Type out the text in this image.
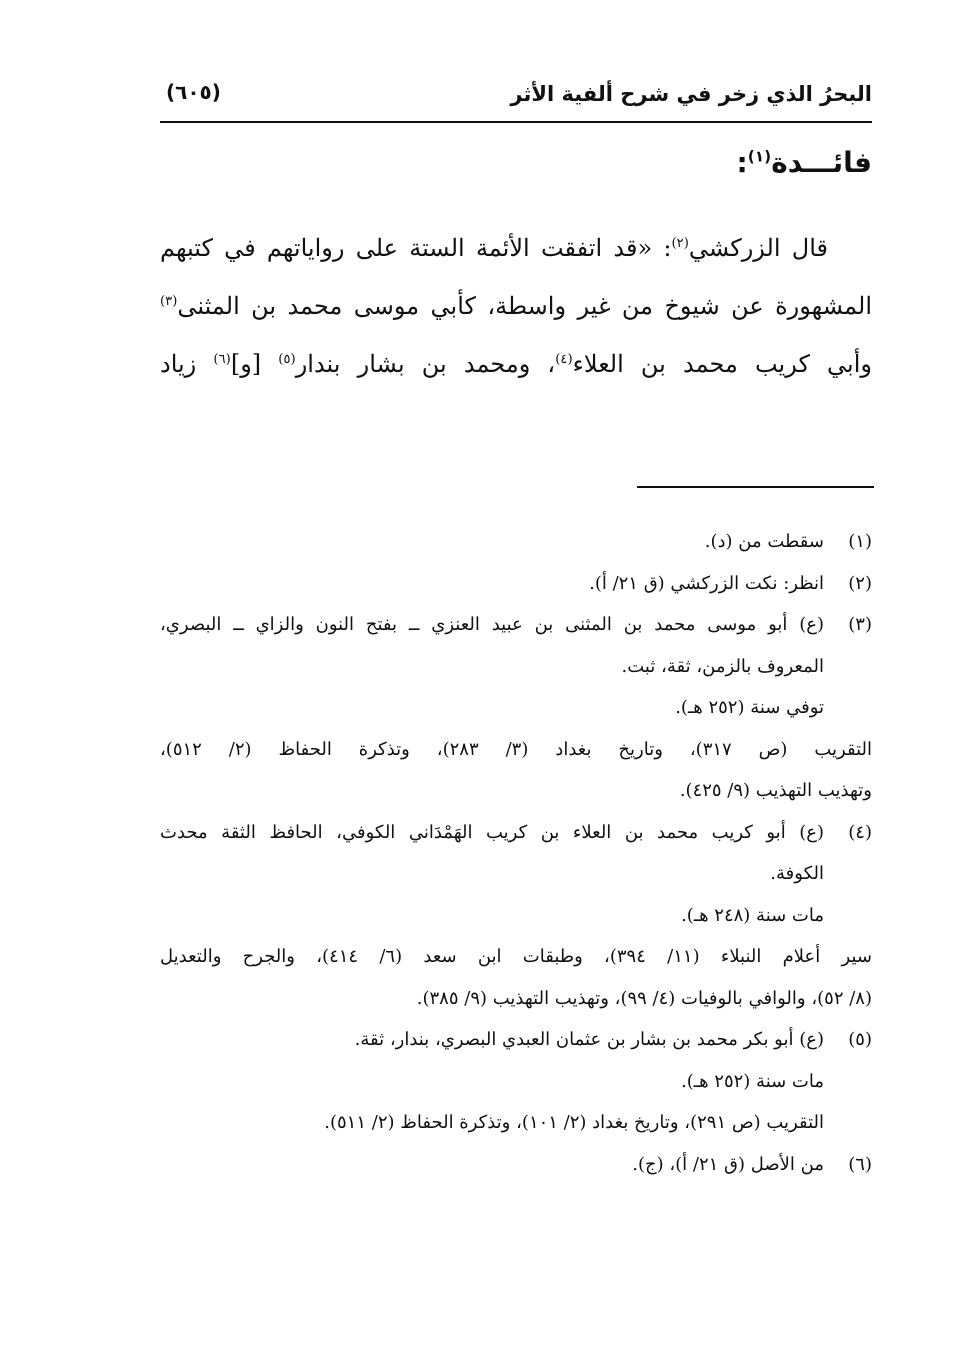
البحرُ الذي زخر في شرح ألفية الأثر
(٦٠٥)
فائـــدة$^{(١)}$:
قال الزركشي$^{(٢)}$: «قد اتفقت الأئمة الستة على رواياتهم في كتبهم
المشهورة عن شيوخ من غير واسطة، كأبي موسى محمد بن المثنى$^{(٣)}$
وأبي كريب محمد بن العلاء$^{(٤)}$، ومحمد بن بشار بندار$^{(٥)}$ [و]$^{(٦)}$ زياد
(١)
سقطت من (د).
(٢)
انظر: نكت الزركشي (ق ٢١/ أ).
(٣)
(ع) أبو موسى محمد بن المثنى بن عبيد العنزي ــ بفتح النون والزاي ــ البصري،
المعروف بالزمن، ثقة، ثبت.
توفي سنة (٢٥٢ هـ).
التقريب (ص ٣١٧)، وتاريخ بغداد (٣/ ٢٨٣)، وتذكرة الحفاظ (٢/ ٥١٢)،
وتهذيب التهذيب (٩/ ٤٢٥).
(٤)
(ع) أبو كريب محمد بن العلاء بن كريب الهَمْدَاني الكوفي، الحافظ الثقة محدث
الكوفة.
مات سنة (٢٤٨ هـ).
سير أعلام النبلاء (١١/ ٣٩٤)، وطبقات ابن سعد (٦/ ٤١٤)، والجرح والتعديل
(٨/ ٥٢)، والوافي بالوفيات (٤/ ٩٩)، وتهذيب التهذيب (٩/ ٣٨٥).
(٥)
(ع) أبو بكر محمد بن بشار بن عثمان العبدي البصري، بندار، ثقة.
مات سنة (٢٥٢ هـ).
التقريب (ص ٢٩١)، وتاريخ بغداد (٢/ ١٠١)، وتذكرة الحفاظ (٢/ ٥١١).
(٦)
من الأصل (ق ٢١/ أ)، (ج).
